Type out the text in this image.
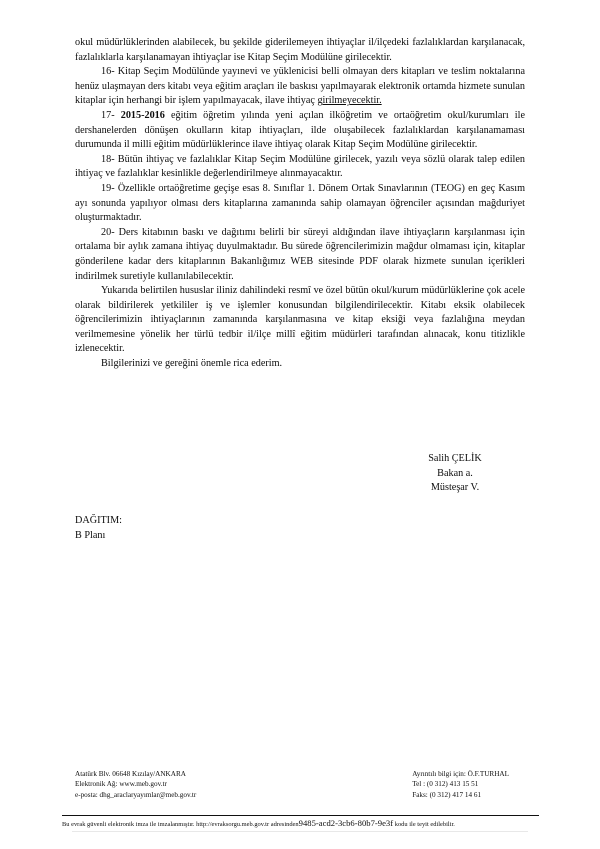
okul müdürlüklerinden alabilecek, bu şekilde giderilemeyen ihtiyaçlar il/ilçedeki fazlalıklardan karşılanacak, fazlalıklarla karşılanamayan ihtiyaçlar ise Kitap Seçim Modülüne girilecektir.

16- Kitap Seçim Modülünde yayınevi ve yüklenicisi belli olmayan ders kitapları ve teslim noktalarına henüz ulaşmayan ders kitabı veya eğitim araçları ile baskısı yapılmayarak elektronik ortamda hizmete sunulan kitaplar için herhangi bir işlem yapılmayacak, ilave ihtiyaç girilmeyecektir.

17- 2015-2016 eğitim öğretim yılında yeni açılan ilköğretim ve ortaöğretim okul/kurumları ile dershanelerden dönüşen okulların kitap ihtiyaçları, ilde oluşabilecek fazlalıklardan karşılanamaması durumunda il milli eğitim müdürlüklerince ilave ihtiyaç olarak Kitap Seçim Modülüne girilecektir.

18- Bütün ihtiyaç ve fazlalıklar Kitap Seçim Modülüne girilecek, yazılı veya sözlü olarak talep edilen ihtiyaç ve fazlalıklar kesinlikle değerlendirilmeye alınmayacaktır.

19- Özellikle ortaöğretime geçişe esas 8. Sınıflar 1. Dönem Ortak Sınavlarının (TEOG) en geç Kasım ayı sonunda yapılıyor olması ders kitaplarına zamanında sahip olamayan öğrenciler açısından mağduriyet oluşturmaktadır.

20- Ders kitabının baskı ve dağıtımı belirli bir süreyi aldığından ilave ihtiyaçların karşılanması için ortalama bir aylık zamana ihtiyaç duyulmaktadır. Bu sürede öğrencilerimizin mağdur olmaması için, kitaplar gönderilene kadar ders kitaplarının Bakanlığımız WEB sitesinde PDF olarak hizmete sunulan içerikleri indirilmek suretiyle kullanılabilecektir.

Yukarıda belirtilen hususlar iliniz dahilindeki resmî ve özel bütün okul/kurum müdürlüklerine çok acele olarak bildirilerek yetkililer iş ve işlemler konusundan bilgilendirilecektir. Kitabı eksik olabilecek öğrencilerimizin ihtiyaçlarının zamanında karşılanmasına ve kitap eksiği veya fazlalığına meydan verilmemesine yönelik her türlü tedbir il/ilçe millî eğitim müdürleri tarafından alınacak, konu titizlikle izlenecektir.

Bilgilerinizi ve gereğini önemle rica ederim.

Salih ÇELİK
Bakan a.
Müsteşar V.
DAĞITIM:
B Planı
Atatürk Blv. 06648 Kızılay/ANKARA
Elektronik Ağ: www.meb.gov.tr
e-posta: dhg_araclaryayımlar@meb.gov.tr
Ayrıntılı bilgi için: Ö.F.TURHAL
Tel : (0 312) 413 15 51
Faks: (0 312) 417 14 61
Bu evrak güvenli elektronik imza ile imzalanmıştır. http://evraksorgu.meb.gov.tr adresinden9485-acd2-3cb6-80b7-9e3f kodu ile teyit edilebilir.
